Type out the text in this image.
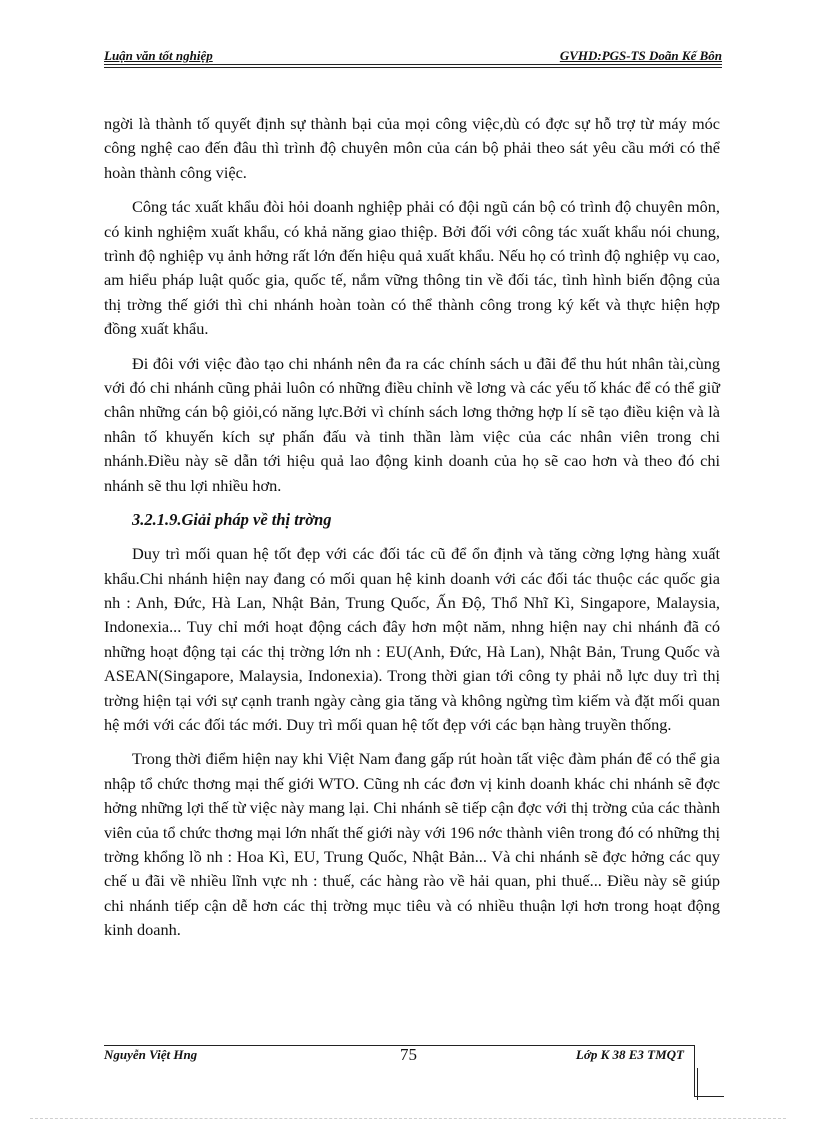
Luận văn tốt nghiệp	GVHD:PGS-TS Doãn Kế Bôn

ngời là thành tố quyết định sự thành bại của mọi công việc,dù có đợc sự hỗ trợ từ máy móc công nghệ cao đến đâu thì trình độ chuyên môn của cán bộ phải theo sát yêu cầu mới có thể hoàn thành công việc.

Công tác xuất khẩu đòi hỏi doanh nghiệp phải có đội ngũ cán bộ có trình độ chuyên môn, có kinh nghiệm xuất khẩu, có khả năng giao thiệp. Bởi đối với công tác xuất khẩu nói chung, trình độ nghiệp vụ ảnh hởng rất lớn đến hiệu quả xuất khẩu. Nếu họ có trình độ nghiệp vụ cao, am hiểu pháp luật quốc gia, quốc tế, nắm vững thông tin về đối tác, tình hình biến động của thị trờng thế giới thì chi nhánh hoàn toàn có thể thành công trong ký kết và thực hiện hợp đồng xuất khẩu.

Đi đôi với việc đào tạo chi nhánh nên đa ra các chính sách u đãi để thu hút nhân tài,cùng với đó chi nhánh cũng phải luôn có những điều chỉnh về lơng và các yếu tố khác để có thể giữ chân những cán bộ giỏi,có năng lực.Bởi vì chính sách lơng thởng hợp lí sẽ tạo điều kiện và là nhân tố khuyến kích sự phấn đấu và tinh thần làm việc của các nhân viên trong chi nhánh.Điều này sẽ dẫn tới hiệu quả lao động kinh doanh của họ sẽ cao hơn và theo đó chi nhánh sẽ thu lợi nhiều hơn.

3.2.1.9.Giải pháp về thị trờng

Duy trì mối quan hệ tốt đẹp với các đối tác cũ để ổn định và tăng cờng lợng hàng xuất khẩu.Chi nhánh hiện nay đang có mối quan hệ kinh doanh với các đối tác thuộc các quốc gia nh : Anh, Đức, Hà Lan, Nhật Bản, Trung Quốc, Ấn Độ, Thổ Nhĩ Kì, Singapore, Malaysia, Indonexia... Tuy chỉ mới hoạt động cách đây hơn một năm, nhng hiện nay chi nhánh đã có những hoạt động tại các thị trờng lớn nh : EU(Anh, Đức, Hà Lan), Nhật Bản, Trung Quốc và ASEAN(Singapore, Malaysia, Indonexia). Trong thời gian tới công ty phải nỗ lực duy trì thị trờng hiện tại với sự cạnh tranh ngày càng gia tăng và không ngừng tìm kiếm và đặt mối quan hệ mới với các đối tác mới. Duy trì mối quan hệ tốt đẹp với các bạn hàng truyền thống.

Trong thời điểm hiện nay khi Việt Nam đang gấp rút hoàn tất việc đàm phán để có thể gia nhập tổ chức thơng mại thế giới WTO. Cũng nh các đơn vị kinh doanh khác chi nhánh sẽ đợc hởng những lợi thế từ việc này mang lại. Chi nhánh sẽ tiếp cận đợc với thị trờng của các thành viên của tổ chức thơng mại lớn nhất thế giới này với 196 nớc thành viên trong đó có những thị trờng khổng lồ nh : Hoa Kì, EU, Trung Quốc, Nhật Bản... Và chi nhánh sẽ đợc hởng các quy chế u đãi về nhiều lĩnh vực nh : thuế, các hàng rào về hải quan, phi thuế... Điều này sẽ giúp chi nhánh tiếp cận dễ hơn các thị trờng mục tiêu và có nhiều thuận lợi hơn trong hoạt động kinh doanh.

Nguyễn Việt Hng	75	Lớp K 38 E3 TMQT
